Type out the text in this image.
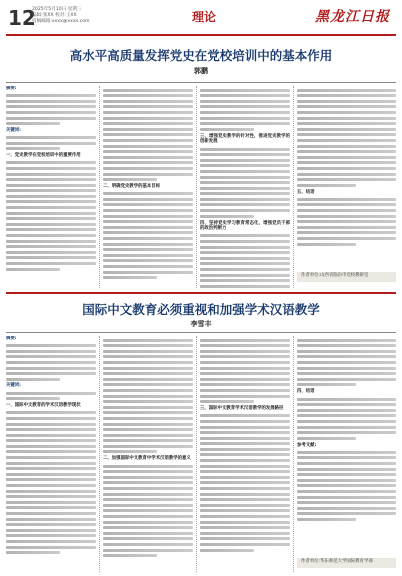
12
2025年5月10日 星期三
编辑:张XX 校对:王XX
投稿邮箱:xxxx@xxxx.com	理论	黑龙江日报
高水平高质量发挥党史在党校培训中的基本作用
郭鹏
摘要:
关键词:
一、党史教学在党校培训中的重要作用
二、明确党史教学的基本目标
三、增强党史教学的针对性，推进党史教学的创新发展
四、坚持党史学习教育常态化，增强党员干部的政治判断力
五、结语
作者单位:山西省临汾市党校教研室
国际中文教育必须重视和加强学术汉语教学
李雪丰
摘要:
关键词:
一、国际中文教育的学术汉语教学现状
二、加强国际中文教育中学术汉语教学的意义
三、国际中文教育学术汉语教学的发展路径
四、结语
参考文献:
作者单位:华东师范大学国际教育学部
